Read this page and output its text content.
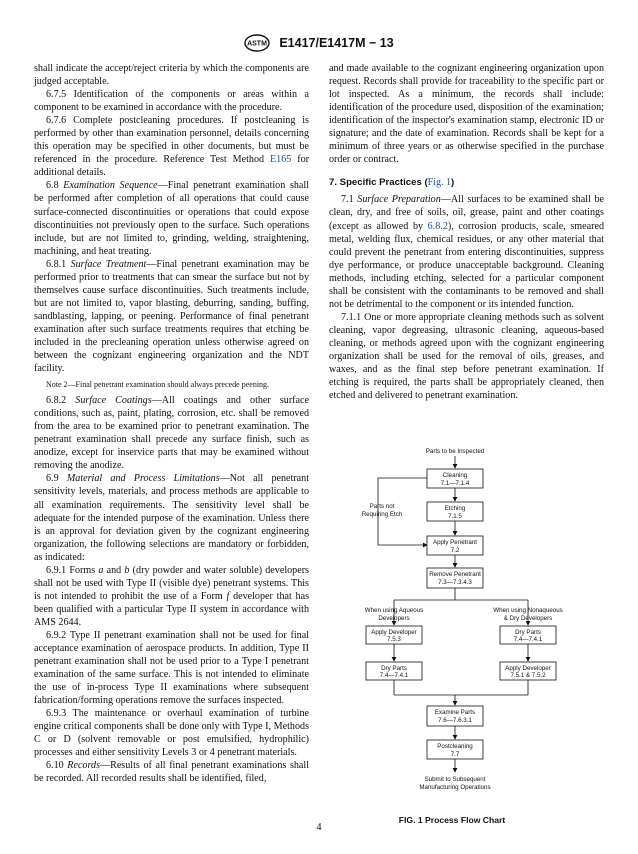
ASTM E1417/E1417M − 13

shall indicate the accept/reject criteria by which the components are judged acceptable.

6.7.5 Identification of the components or areas within a component to be examined in accordance with the procedure.

6.7.6 Complete postcleaning procedures. If postcleaning is performed by other than examination personnel, details concerning this operation may be specified in other documents, but must be referenced in the procedure. Reference Test Method E165 for additional details.

6.8 Examination Sequence—Final penetrant examination shall be performed after completion of all operations that could cause surface-connected discontinuities or operations that could expose discontinuities not previously open to the surface. Such operations include, but are not limited to, grinding, welding, straightening, machining, and heat treating.

6.8.1 Surface Treatment—Final penetrant examination may be performed prior to treatments that can smear the surface but not by themselves cause surface discontinuities. Such treatments include, but are not limited to, vapor blasting, deburring, sanding, buffing, sandblasting, lapping, or peening. Performance of final penetrant examination after such surface treatments requires that etching be included in the precleaning operation unless otherwise agreed on between the cognizant engineering organization and the NDT facility.

Note 2—Final penetrant examination should always precede peening.

6.8.2 Surface Coatings—All coatings and other surface conditions, such as, paint, plating, corrosion, etc. shall be removed from the area to be examined prior to penetrant examination. The penetrant examination shall precede any surface finish, such as anodize, except for inservice parts that may be examined without removing the anodize.

6.9 Material and Process Limitations—Not all penetrant sensitivity levels, materials, and process methods are applicable to all examination requirements. The sensitivity level shall be adequate for the intended purpose of the examination. Unless there is an approval for deviation given by the cognizant engineering organization, the following selections are mandatory or forbidden, as indicated:

6.9.1 Forms a and b (dry powder and water soluble) developers shall not be used with Type II (visible dye) penetrant systems. This is not intended to prohibit the use of a Form f developer that has been qualified with a particular Type II system in accordance with AMS 2644.

6.9.2 Type II penetrant examination shall not be used for final acceptance examination of aerospace products. In addition, Type II penetrant examination shall not be used prior to a Type I penetrant examination of the same surface. This is not intended to eliminate the use of in-process Type II examinations where subsequent fabrication/forming operations remove the surfaces inspected.

6.9.3 The maintenance or overhaul examination of turbine engine critical components shall be done only with Type I, Methods C or D (solvent removable or post emulsified, hydrophilic) processes and either sensitivity Levels 3 or 4 penetrant materials.

6.10 Records—Results of all final penetrant examinations shall be recorded. All recorded results shall be identified, filed,

and made available to the cognizant engineering organization upon request. Records shall provide for traceability to the specific part or lot inspected. As a minimum, the records shall include: identification of the procedure used, disposition of the examination; identification of the inspector's examination stamp, electronic ID or signature; and the date of examination. Records shall be kept for a minimum of three years or as otherwise specified in the purchase order or contract.

7. Specific Practices (Fig. 1)

7.1 Surface Preparation—All surfaces to be examined shall be clean, dry, and free of soils, oil, grease, paint and other coatings (except as allowed by 6.8.2), corrosion products, scale, smeared metal, welding flux, chemical residues, or any other material that could prevent the penetrant from entering discontinuities, suppress dye performance, or produce unacceptable background. Cleaning methods, including etching, selected for a particular component shall be consistent with the contaminants to be removed and shall not be detrimental to the component or its intended function.

7.1.1 One or more appropriate cleaning methods such as solvent cleaning, vapor degreasing, ultrasonic cleaning, aqueous-based cleaning, or methods agreed upon with the cognizant engineering organization shall be used for the removal of oils, greases, and waxes, and as the final step before penetrant examination. If etching is required, the parts shall be appropriately cleaned, then etched and delivered to penetrant examination.

Parts to be Inspected
Cleaning
7.1—7.1.4
Parts not
Requiring Etch
Etching
7.1.5
Apply Penetrant
7.2
Remove Penetrant
7.3—7.3.4.3
When using Aqueous
Developers
When using Nonaqueous
& Dry Developers
Apply Developer
7.5.3
Dry Parts
7.4—7.4.1
Dry Parts
7.4—7.4.1
Apply Developer
7.5.1 & 7.5.2
Examine Parts
7.6—7.6.3.1
Postcleaning
7.7
Submit to Subsequent
Manufacturing Operations
FIG. 1 Process Flow Chart
4
